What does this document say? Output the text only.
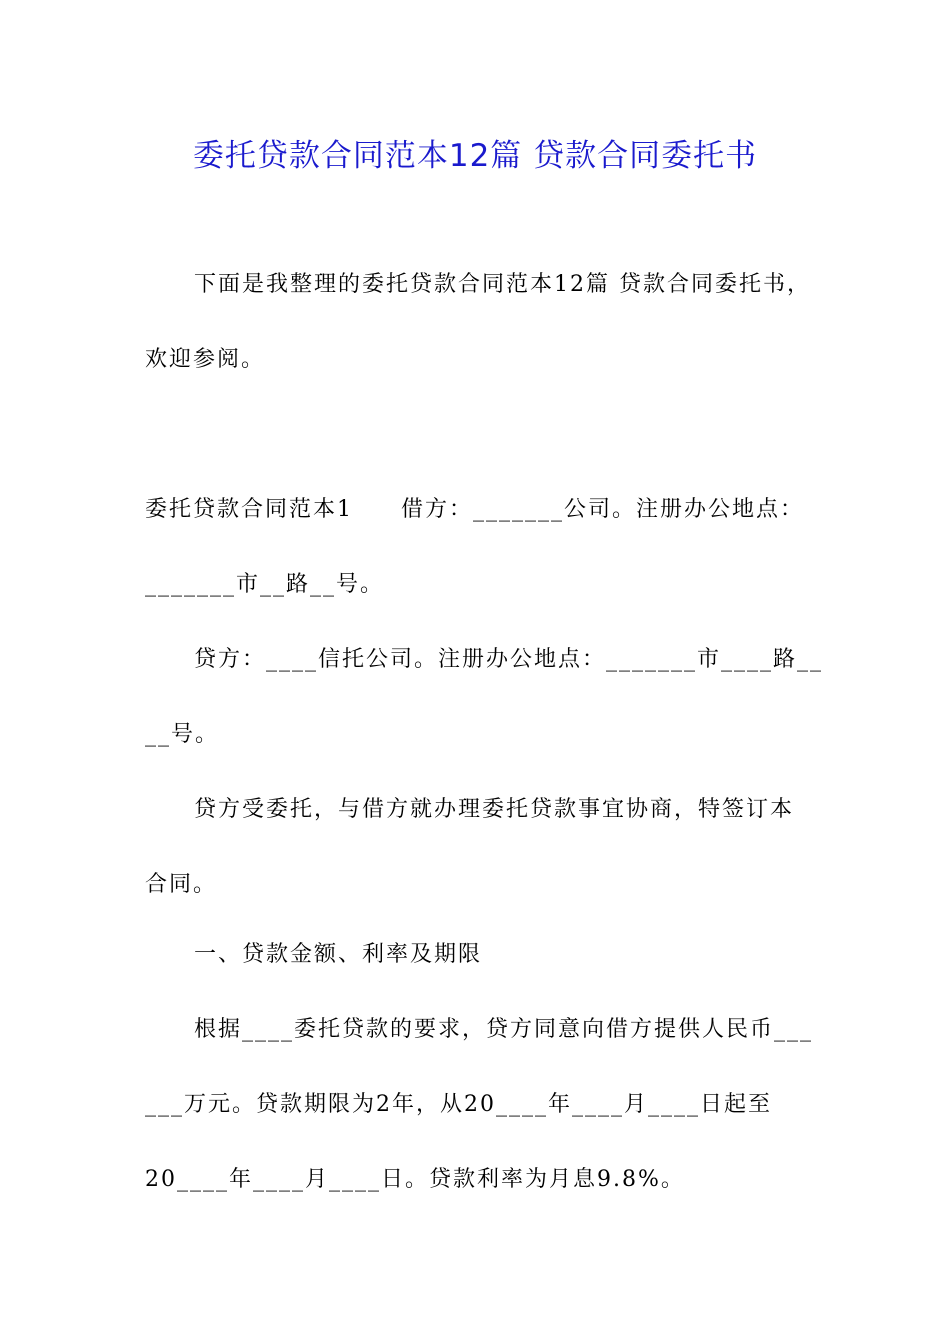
委托贷款合同范本12篇 贷款合同委托书
下面是我整理的委托贷款合同范本12篇 贷款合同委托书，
欢迎参阅。
委托贷款合同范本1　　借方：_______公司。注册办公地点：
_______市__路__号。
贷方：____信托公司。注册办公地点：_______市____路__
__号。
贷方受委托，与借方就办理委托贷款事宜协商，特签订本
合同。
一、贷款金额、利率及期限
根据____委托贷款的要求，贷方同意向借方提供人民币___
___万元。贷款期限为2年，从20____年____月____日起至
20____年____月____日。贷款利率为月息9.8%。
